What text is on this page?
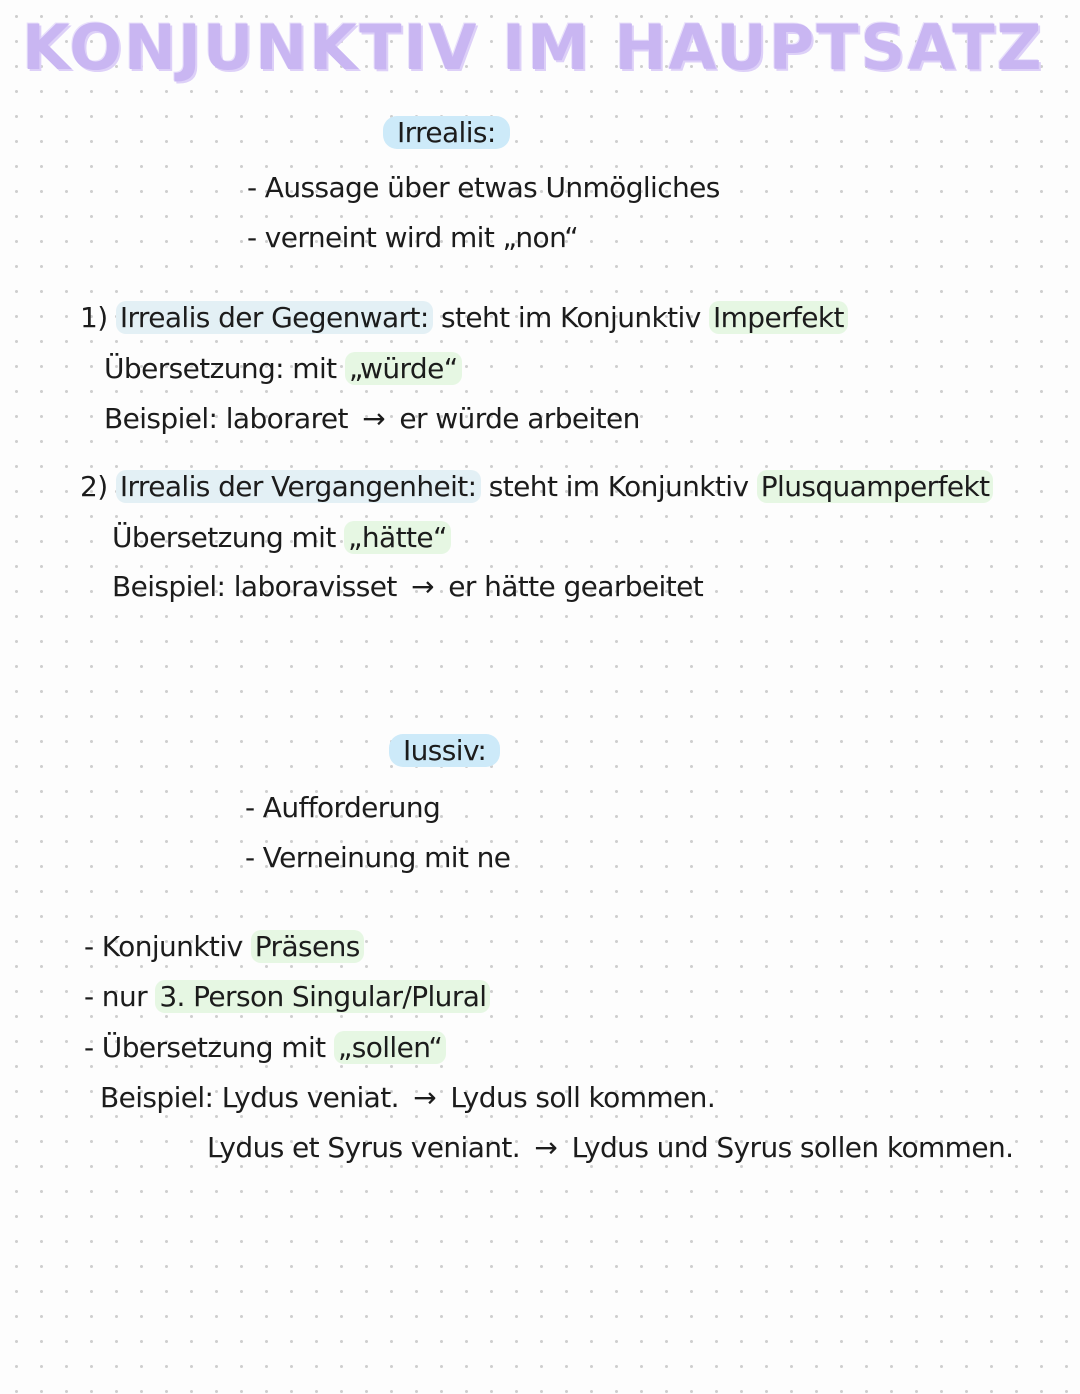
KONJUNKTIV IM HAUPTSATZ
Irrealis:
- Aussage über etwas Unmögliches
- verneint wird mit „non“
1) Irrealis der Gegenwart: steht im Konjunktiv Imperfekt
Übersetzung: mit „würde“
Beispiel: laboraret → er würde arbeiten
2) Irrealis der Vergangenheit: steht im Konjunktiv Plusquamperfekt
Übersetzung mit „hätte“
Beispiel: laboravisset → er hätte gearbeitet
Iussiv:
- Aufforderung
- Verneinung mit ne
- Konjunktiv Präsens
- nur 3. Person Singular/Plural
- Übersetzung mit „sollen“
Beispiel: Lydus veniat. → Lydus soll kommen.
Lydus et Syrus veniant. → Lydus und Syrus sollen kommen.
